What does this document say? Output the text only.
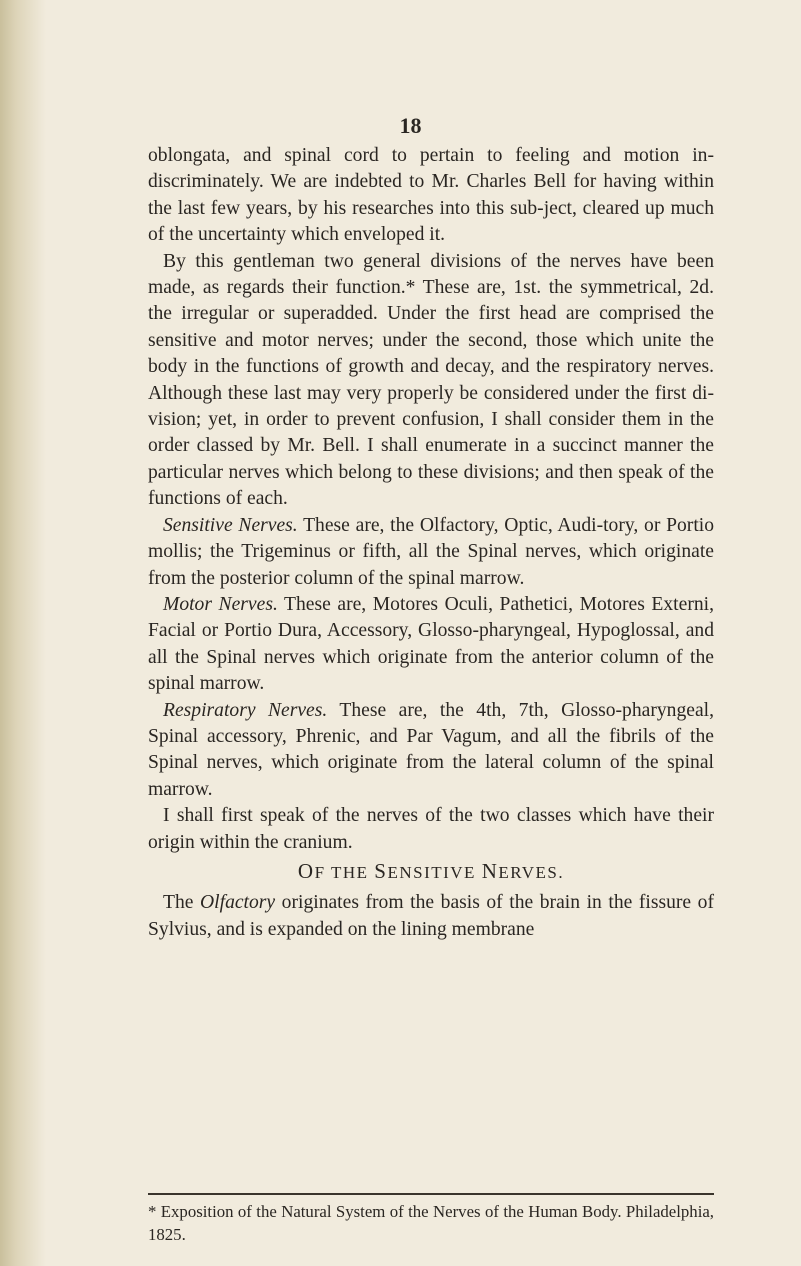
18

oblongata, and spinal cord to pertain to feeling and motion in-discriminately. We are indebted to Mr. Charles Bell for having within the last few years, by his researches into this sub-ject, cleared up much of the uncertainty which enveloped it.

By this gentleman two general divisions of the nerves have been made, as regards their function.* These are, 1st. the symmetrical, 2d. the irregular or superadded. Under the first head are comprised the sensitive and motor nerves; under the second, those which unite the body in the functions of growth and decay, and the respiratory nerves. Although these last may very properly be considered under the first di-vision; yet, in order to prevent confusion, I shall consider them in the order classed by Mr. Bell. I shall enumerate in a succinct manner the particular nerves which belong to these divisions; and then speak of the functions of each.

Sensitive Nerves. These are, the Olfactory, Optic, Audi-tory, or Portio mollis; the Trigeminus or fifth, all the Spinal nerves, which originate from the posterior column of the spinal marrow.

Motor Nerves. These are, Motores Oculi, Pathetici, Motores Externi, Facial or Portio Dura, Accessory, Glosso-pharyngeal, Hypoglossal, and all the Spinal nerves which originate from the anterior column of the spinal marrow.

Respiratory Nerves. These are, the 4th, 7th, Glosso-pharyngeal, Spinal accessory, Phrenic, and Par Vagum, and all the fibrils of the Spinal nerves, which originate from the lateral column of the spinal marrow.

I shall first speak of the nerves of the two classes which have their origin within the cranium.

OF THE SENSITIVE NERVES.

The Olfactory originates from the basis of the brain in the fissure of Sylvius, and is expanded on the lining membrane

* Exposition of the Natural System of the Nerves of the Human Body. Philadelphia, 1825.
